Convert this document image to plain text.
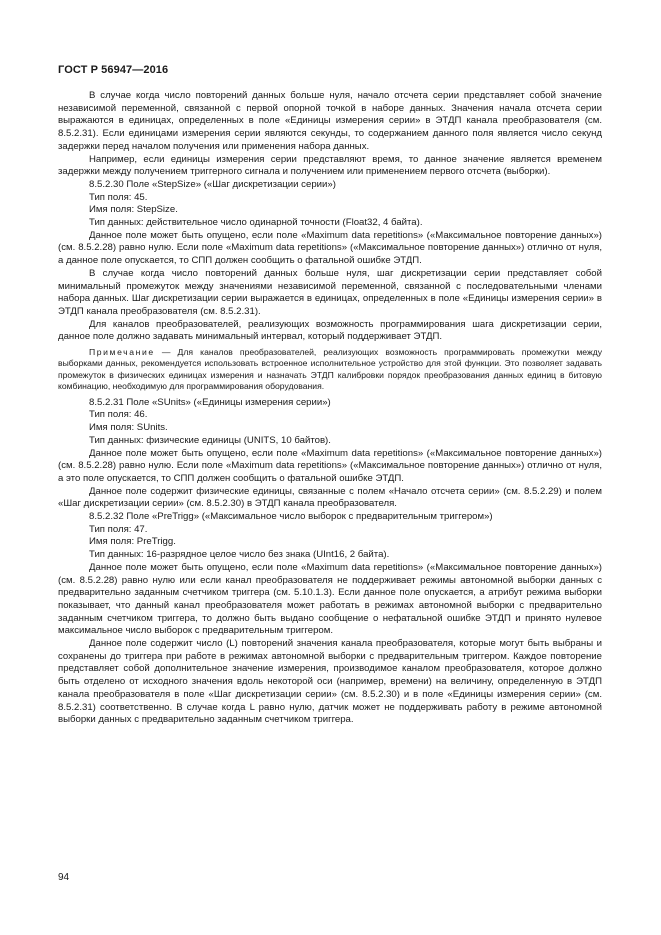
ГОСТ Р 56947—2016

В случае когда число повторений данных больше нуля, начало отсчета серии представляет собой значение независимой переменной, связанной с первой опорной точкой в наборе данных. Значения начала отсчета серии выражаются в единицах, определенных в поле «Единицы измерения серии» в ЭТДП канала преобразователя (см. 8.5.2.31). Если единицами измерения серии являются секунды, то содержанием данного поля является число секунд задержки перед началом получения или применения набора данных.

Например, если единицы измерения серии представляют время, то данное значение является временем задержки между получением триггерного сигнала и получением или применением первого отсчета (выборки).

8.5.2.30 Поле «StepSize» («Шаг дискретизации серии»)

Тип поля: 45.

Имя поля: StepSize.

Тип данных: действительное число одинарной точности (Float32, 4 байта).

Данное поле может быть опущено, если поле «Maximum data repetitions» («Максимальное повторение данных») (см. 8.5.2.28) равно нулю. Если поле «Maximum data repetitions» («Максимальное повторение данных») отлично от нуля, а данное поле опускается, то СПП должен сообщить о фатальной ошибке ЭТДП.

В случае когда число повторений данных больше нуля, шаг дискретизации серии представляет собой минимальный промежуток между значениями независимой переменной, связанной с последовательными членами набора данных. Шаг дискретизации серии выражается в единицах, определенных в поле «Единицы измерения серии» в ЭТДП канала преобразователя (см. 8.5.2.31).

Для каналов преобразователей, реализующих возможность программирования шага дискретизации серии, данное поле должно задавать минимальный интервал, который поддерживает ЭТДП.

Примечание — Для каналов преобразователей, реализующих возможность программировать промежутки между выборками данных, рекомендуется использовать встроенное исполнительное устройство для этой функции. Это позволяет задавать промежуток в физических единицах измерения и назначать ЭТДП калибровки порядок преобразования данных единиц в битовую комбинацию, необходимую для программирования оборудования.

8.5.2.31 Поле «SUnits» («Единицы измерения серии»)

Тип поля: 46.

Имя поля: SUnits.

Тип данных: физические единицы (UNITS, 10 байтов).

Данное поле может быть опущено, если поле «Maximum data repetitions» («Максимальное повторение данных») (см. 8.5.2.28) равно нулю. Если поле «Maximum data repetitions» («Максимальное повторение данных») отлично от нуля, а это поле опускается, то СПП должен сообщить о фатальной ошибке ЭТДП.

Данное поле содержит физические единицы, связанные с полем «Начало отсчета серии» (см. 8.5.2.29) и полем «Шаг дискретизации серии» (см. 8.5.2.30) в ЭТДП канала преобразователя.

8.5.2.32 Поле «PreTrigg» («Максимальное число выборок с предварительным триггером»)

Тип поля: 47.

Имя поля: PreTrigg.

Тип данных: 16-разрядное целое число без знака (UInt16, 2 байта).

Данное поле может быть опущено, если поле «Maximum data repetitions» («Максимальное повторение данных») (см. 8.5.2.28) равно нулю или если канал преобразователя не поддерживает режимы автономной выборки данных с предварительно заданным счетчиком триггера (см. 5.10.1.3). Если данное поле опускается, а атрибут режима выборки показывает, что данный канал преобразователя может работать в режимах автономной выборки с предварительно заданным счетчиком триггера, то должно быть выдано сообщение о нефатальной ошибке ЭТДП и принято нулевое максимальное число выборок с предварительным триггером.

Данное поле содержит число (L) повторений значения канала преобразователя, которые могут быть выбраны и сохранены до триггера при работе в режимах автономной выборки с предварительным триггером. Каждое повторение представляет собой дополнительное значение измерения, производимое каналом преобразователя, которое должно быть отделено от исходного значения вдоль некоторой оси (например, времени) на величину, определенную в ЭТДП канала преобразователя в поле «Шаг дискретизации серии» (см. 8.5.2.30) и в поле «Единицы измерения серии» (см. 8.5.2.31) соответственно. В случае когда L равно нулю, датчик может не поддерживать работу в режиме автономной выборки данных с предварительно заданным счетчиком триггера.

94
